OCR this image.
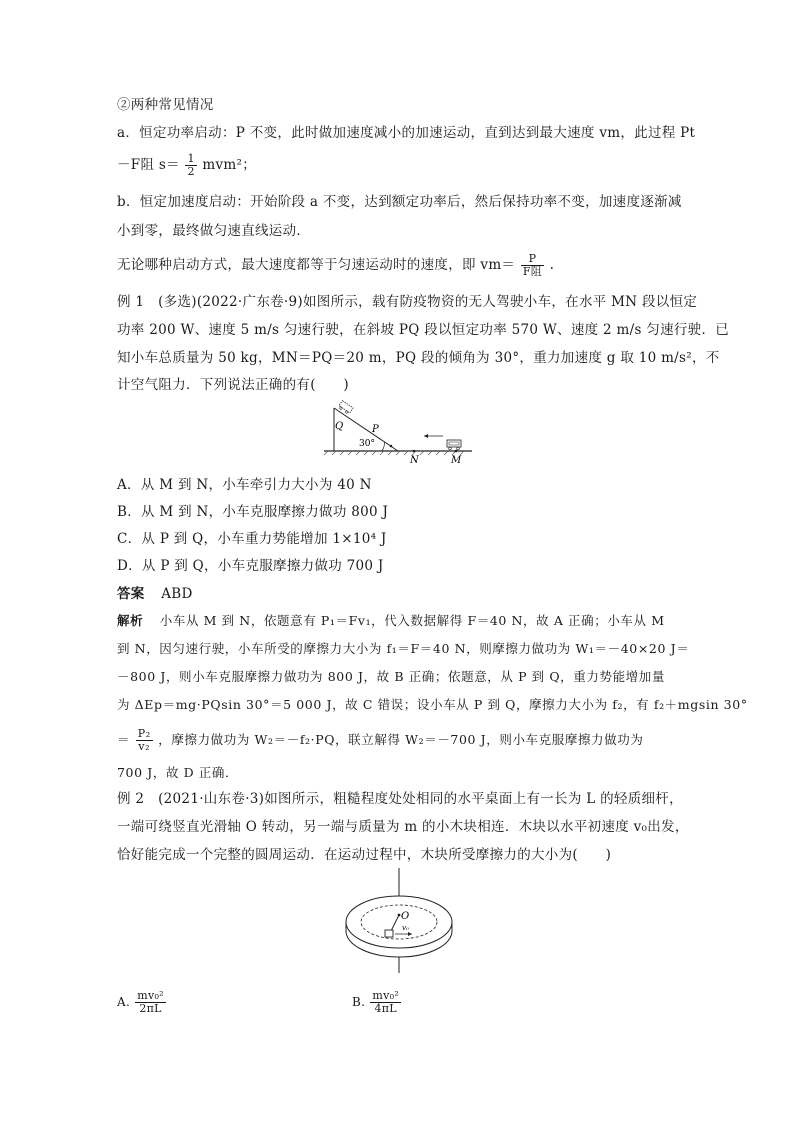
②两种常见情况
a．恒定功率启动：P 不变，此时做加速度减小的加速运动，直到达到最大速度 vm，此过程 Pt
－F阻 $s= \frac{1}{2} mvm^2$；
b．恒定加速度启动：开始阶段 a 不变，达到额定功率后，然后保持功率不变，加速度逐渐减
小到零，最终做匀速直线运动．
无论哪种启动方式，最大速度都等于匀速运动时的速度，即 $vm= \frac{P}{\text{F阻}}$ .
例 1　(多选)(2022·广东卷·9)如图所示，载有防疫物资的无人驾驶小车，在水平 MN 段以恒定
功率 200 W、速度 5 m/s 匀速行驶，在斜坡 PQ 段以恒定功率 570 W、速度 2 m/s 匀速行驶．已
知小车总质量为 50 kg，MN＝PQ＝20 m，PQ 段的倾角为 30°，重力加速度 g 取 10 m/s²，不
计空气阻力．下列说法正确的有(　　)
Q	P
30°
N	M
A．从 M 到 N，小车牵引力大小为 40 N
B．从 M 到 N，小车克服摩擦力做功 800 J
C．从 P 到 Q，小车重力势能增加 1×10⁴ J
D．从 P 到 Q，小车克服摩擦力做功 700 J
答案 ABD
解析 小车从 M 到 N，依题意有 P₁＝Fv₁，代入数据解得 F＝40 N，故 A 正确；小车从 M
到 N，因匀速行驶，小车所受的摩擦力大小为 f₁＝F＝40 N，则摩擦力做功为 W₁＝－40×20 J＝
－800 J，则小车克服摩擦力做功为 800 J，故 B 正确；依题意，从 P 到 Q，重力势能增加量
为 ΔEp＝mg·PQsin 30°＝5 000 J，故 C 错误；设小车从 P 到 Q，摩擦力大小为 f₂，有 f₂＋mgsin 30°
＝ $\frac{\text{P₂}}{\text{v₂}}$ ，摩擦力做功为 W₂＝－f₂·PQ，联立解得 W₂＝－700 J，则小车克服摩擦力做功为
700 J，故 D 正确．
例 2　(2021·山东卷·3)如图所示，粗糙程度处处相同的水平桌面上有一长为 L 的轻质细杆，
一端可绕竖直光滑轴 O 转动，另一端与质量为 m 的小木块相连．木块以水平初速度 v₀出发，
恰好能完成一个完整的圆周运动．在运动过程中，木块所受摩擦力的大小为(　　)
O
v₀
A. $\frac{\text{mv₀²}}{2\pi L}$	B. $\frac{\text{mv₀²}}{4\pi L}$
